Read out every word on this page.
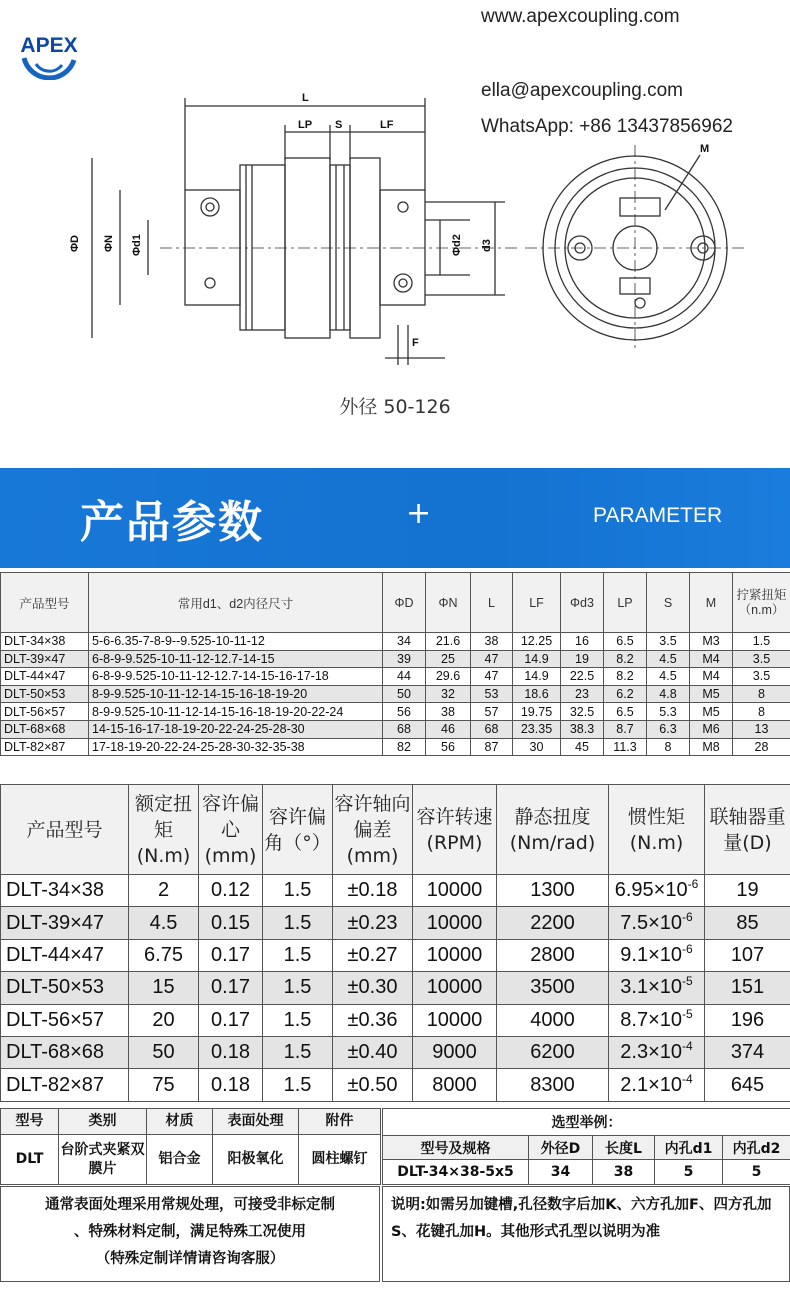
APEX
www.apexcoupling.com
ella@apexcoupling.com
WhatsApp: +86 13437856962
L
LP S	LF
ΦD ΦN Φd1	Φd2 d3
F
M
外径 50-126
产品参数	+	PARAMETER
产品型号	常用d1、d2内径尺寸	ΦD	ΦN	L	LF	Φd3	LP	S	M	拧紧扭矩（n.m）
DLT-34×38	5-6-6.35-7-8-9--9.525-10-11-12	34	21.6	38	12.25	16	6.5	3.5	M3	1.5
DLT-39×47	6-8-9-9.525-10-11-12-12.7-14-15	39	25	47	14.9	19	8.2	4.5	M4	3.5
DLT-44×47	6-8-9-9.525-10-11-12-12.7-14-15-16-17-18	44	29.6	47	14.9	22.5	8.2	4.5	M4	3.5
DLT-50×53	8-9-9.525-10-11-12-14-15-16-18-19-20	50	32	53	18.6	23	6.2	4.8	M5	8
DLT-56×57	8-9-9.525-10-11-12-14-15-16-18-19-20-22-24	56	38	57	19.75	32.5	6.5	5.3	M5	8
DLT-68×68	14-15-16-17-18-19-20-22-24-25-28-30	68	46	68	23.35	38.3	8.7	6.3	M6	13
DLT-82×87	17-18-19-20-22-24-25-28-30-32-35-38	82	56	87	30	45	11.3	8	M8	28
产品型号	额定扭矩(N.m)	容许偏心(mm)	容许偏角（°）	容许轴向偏差(mm)	容许转速(RPM)	静态扭度(Nm/rad)	惯性矩(N.m)	联轴器重量(D)
DLT-34×38	2	0.12	1.5	±0.18	10000	1300	$6.95\times 10^{-6}$	19
DLT-39×47	4.5	0.15	1.5	±0.23	10000	2200	$7.5\times 10^{-6}$	85
DLT-44×47	6.75	0.17	1.5	±0.27	10000	2800	$9.1\times 10^{-6}$	107
DLT-50×53	15	0.17	1.5	±0.30	10000	3500	$3.1\times 10^{-5}$	151
DLT-56×57	20	0.17	1.5	±0.36	10000	4000	$8.7\times 10^{-5}$	196
DLT-68×68	50	0.18	1.5	±0.40	9000	6200	$2.3\times 10^{-4}$	374
DLT-82×87	75	0.18	1.5	±0.50	8000	8300	$2.1\times 10^{-4}$	645
型号	类别	材质	表面处理	附件
DLT	台阶式夹紧双膜片	铝合金	阳极氧化	圆柱螺钉
选型举例：				
型号及规格	外径D	长度L	内孔d1	内孔d2
DLT-34×38-5x5	34	38	5	5
通常表面处理采用常规处理，可接受非标定制
、特殊材料定制，满足特殊工况使用
（特殊定制详情请咨询客服）
说明:如需另加键槽,孔径数字后加K、六方孔加F、四方孔加S、花键孔加H。其他形式孔型以说明为准
